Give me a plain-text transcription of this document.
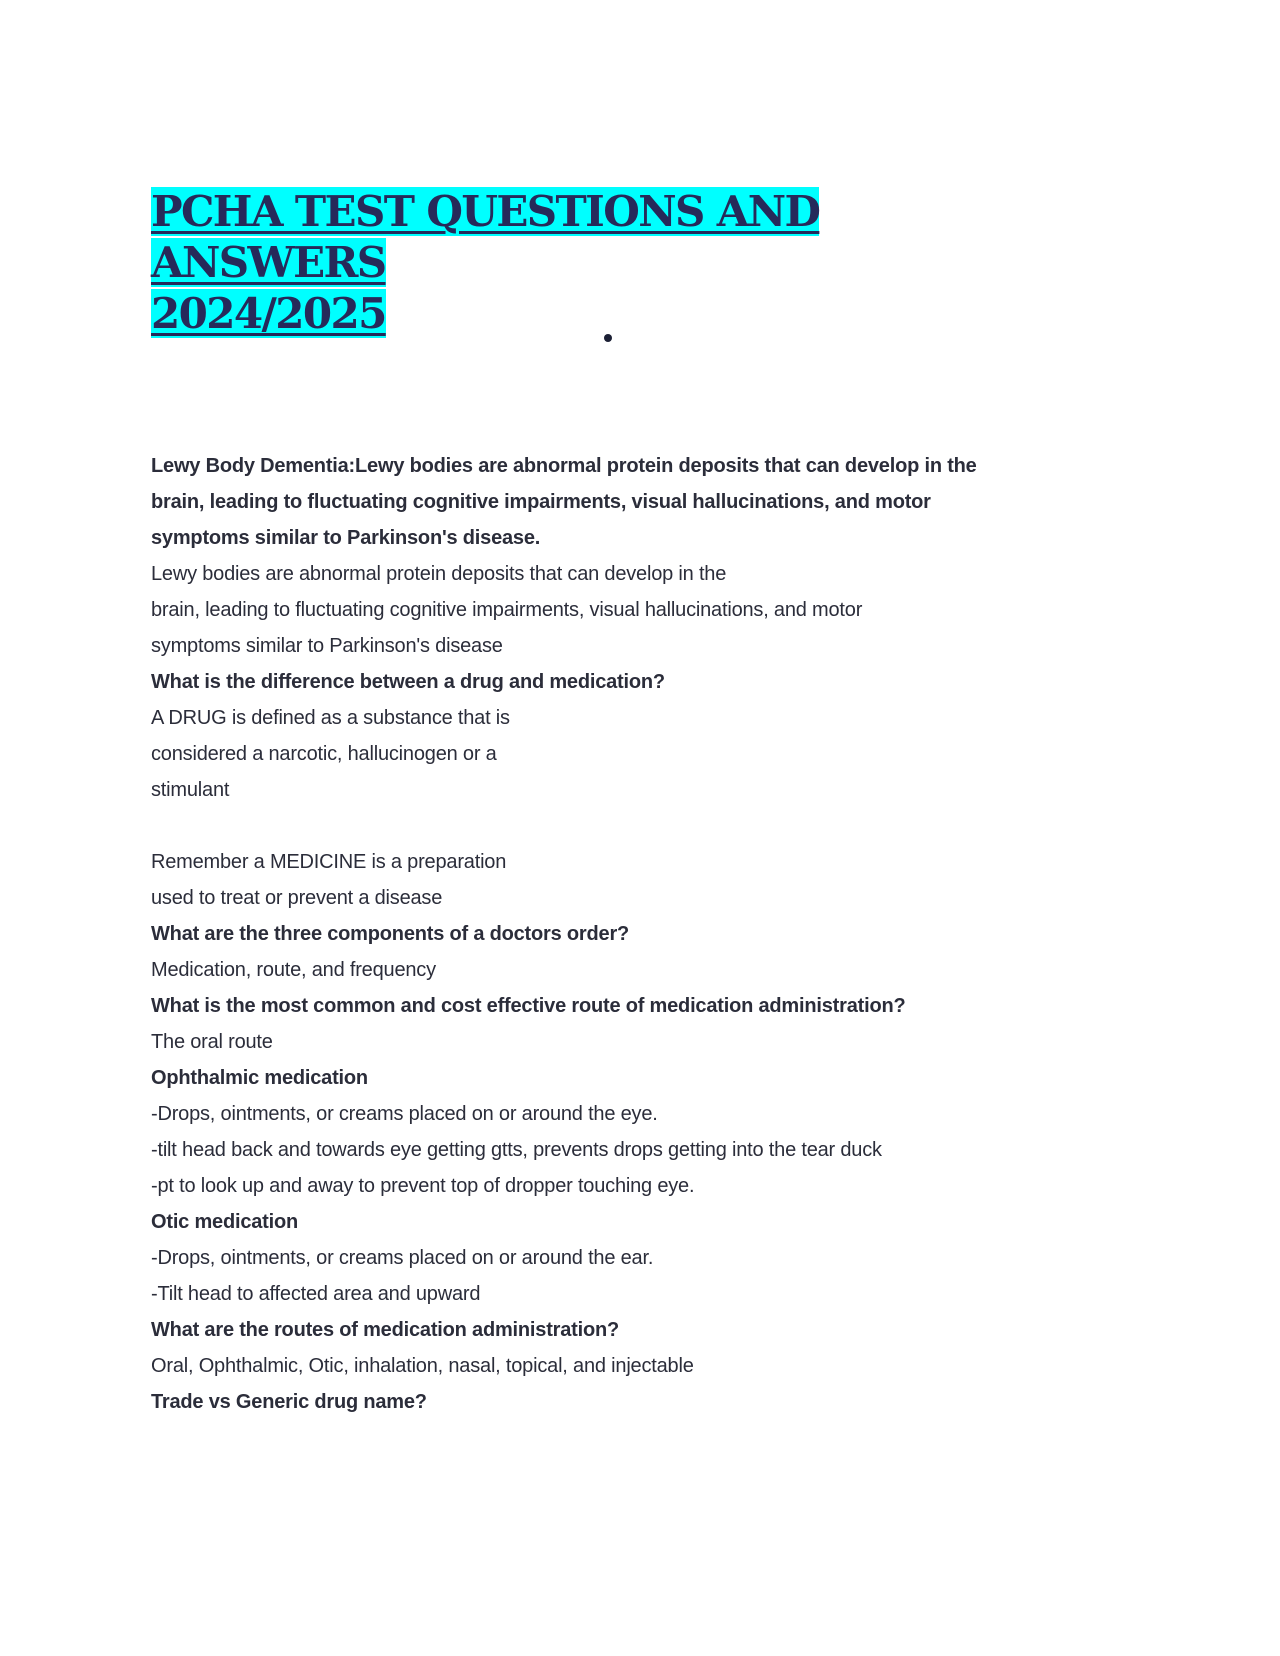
PCHA TEST QUESTIONS AND ANSWERS
2024/2025
Lewy Body Dementia:Lewy bodies are abnormal protein deposits that can develop in the
brain, leading to fluctuating cognitive impairments, visual hallucinations, and motor
symptoms similar to Parkinson's disease.
Lewy bodies are abnormal protein deposits that can develop in the
brain, leading to fluctuating cognitive impairments, visual hallucinations, and motor
symptoms similar to Parkinson's disease
What is the difference between a drug and medication?
A DRUG is defined as a substance that is
considered a narcotic, hallucinogen or a
stimulant
Remember a MEDICINE is a preparation
used to treat or prevent a disease
What are the three components of a doctors order?
Medication, route, and frequency
What is the most common and cost effective route of medication administration?
The oral route
Ophthalmic medication
-Drops, ointments, or creams placed on or around the eye.
-tilt head back and towards eye getting gtts, prevents drops getting into the tear duck
-pt to look up and away to prevent top of dropper touching eye.
Otic medication
-Drops, ointments, or creams placed on or around the ear.
-Tilt head to affected area and upward
What are the routes of medication administration?
Oral, Ophthalmic, Otic, inhalation, nasal, topical, and injectable
Trade vs Generic drug name?
